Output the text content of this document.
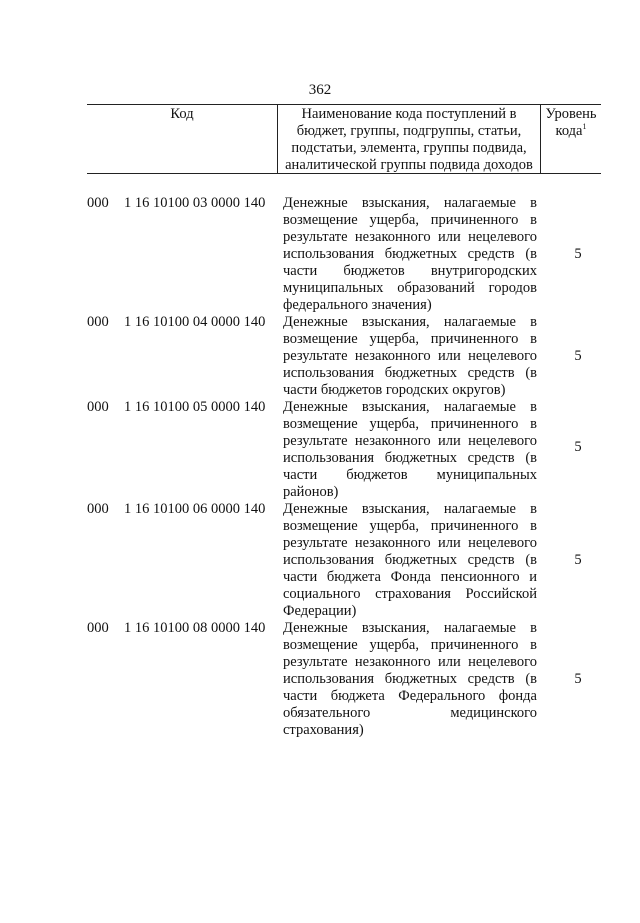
362
Код	Наименование кода поступлений в
бюджет, группы, подгруппы, статьи,
подстатьи, элемента, группы подвида,
аналитической группы подвида доходов
Уровень
кода$^1$
000 1 16 10100 03 0000 140 Денежные взыскания, налагаемые в возмещение ущерба, причиненного в результате незаконного или нецелевого использования бюджетных средств (в части бюджетов внутригородских муниципальных образований городов федерального значения)
5
000 1 16 10100 04 0000 140 Денежные взыскания, налагаемые в возмещение ущерба, причиненного в результате незаконного или нецелевого использования бюджетных средств (в части бюджетов городских округов)
5
000 1 16 10100 05 0000 140 Денежные взыскания, налагаемые в возмещение ущерба, причиненного в результате незаконного или нецелевого использования бюджетных средств (в части бюджетов муниципальных районов)
5
000 1 16 10100 06 0000 140 Денежные взыскания, налагаемые в возмещение ущерба, причиненного в результате незаконного или нецелевого использования бюджетных средств (в части бюджета Фонда пенсионного и социального страхования Российской Федерации)
5
000 1 16 10100 08 0000 140 Денежные взыскания, налагаемые в возмещение ущерба, причиненного в результате незаконного или нецелевого использования бюджетных средств (в части бюджета Федерального фонда обязательного медицинского страхования)
5
